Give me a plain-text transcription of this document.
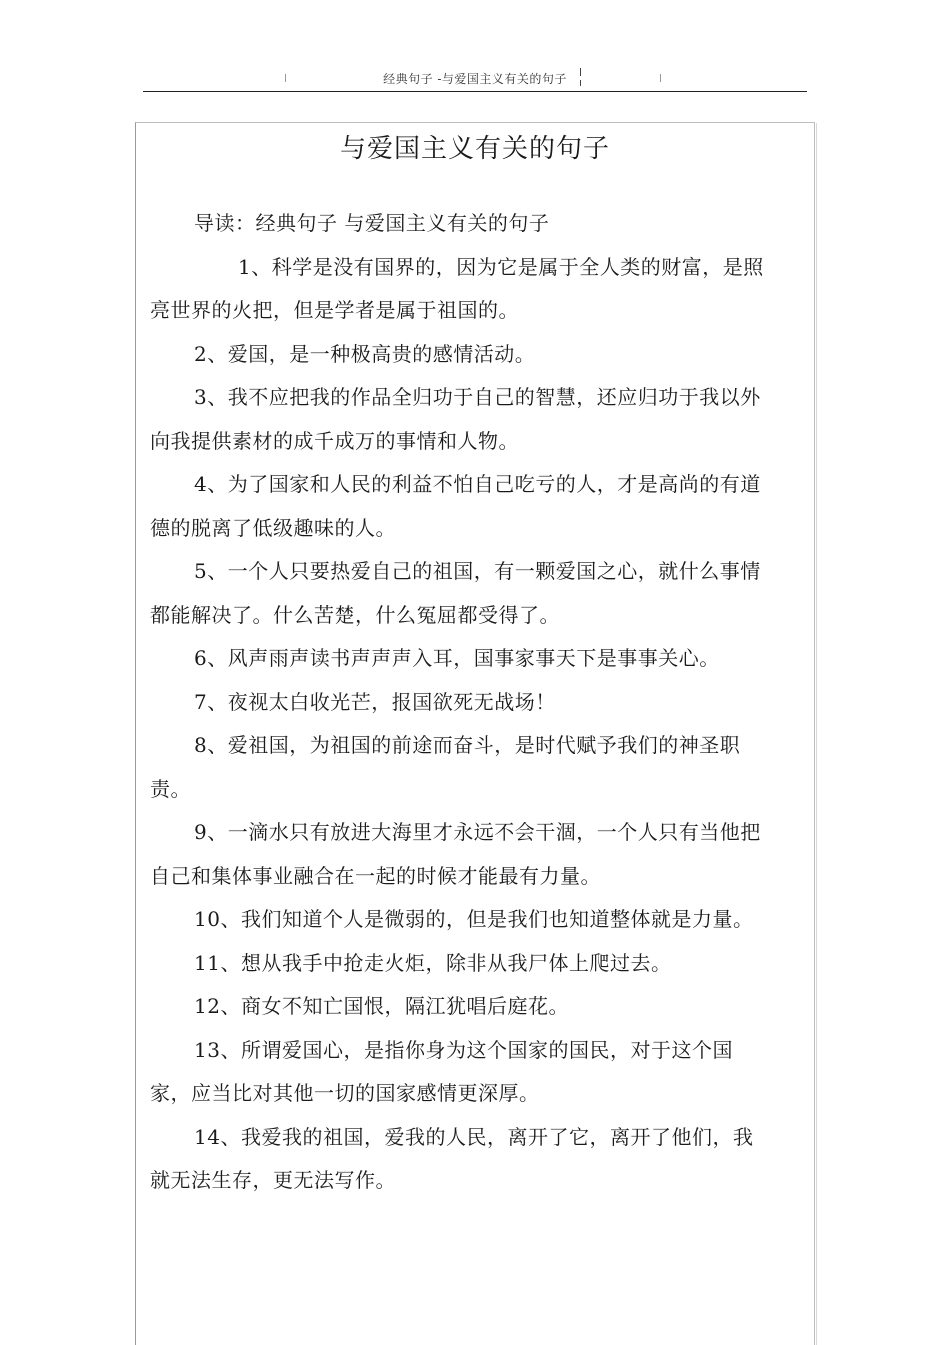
经典句子 -与爱国主义有关的句子
与爱国主义有关的句子

导读：经典句子 与爱国主义有关的句子

1、科学是没有国界的，因为它是属于全人类的财富，是照亮世界的火把，但是学者是属于祖国的。

2、爱国，是一种极高贵的感情活动。

3、我不应把我的作品全归功于自己的智慧，还应归功于我以外向我提供素材的成千成万的事情和人物。

4、为了国家和人民的利益不怕自己吃亏的人，才是高尚的有道德的脱离了低级趣味的人。

5、一个人只要热爱自己的祖国，有一颗爱国之心，就什么事情都能解决了。什么苦楚，什么冤屈都受得了。

6、风声雨声读书声声声入耳，国事家事天下是事事关心。

7、夜视太白收光芒，报国欲死无战场！

8、爱祖国，为祖国的前途而奋斗，是时代赋予我们的神圣职责。

9、一滴水只有放进大海里才永远不会干涸，一个人只有当他把自己和集体事业融合在一起的时候才能最有力量。

10、我们知道个人是微弱的，但是我们也知道整体就是力量。

11、想从我手中抢走火炬，除非从我尸体上爬过去。

12、商女不知亡国恨，隔江犹唱后庭花。

13、所谓爱国心，是指你身为这个国家的国民，对于这个国家，应当比对其他一切的国家感情更深厚。

14、我爱我的祖国，爱我的人民，离开了它，离开了他们，我就无法生存，更无法写作。
